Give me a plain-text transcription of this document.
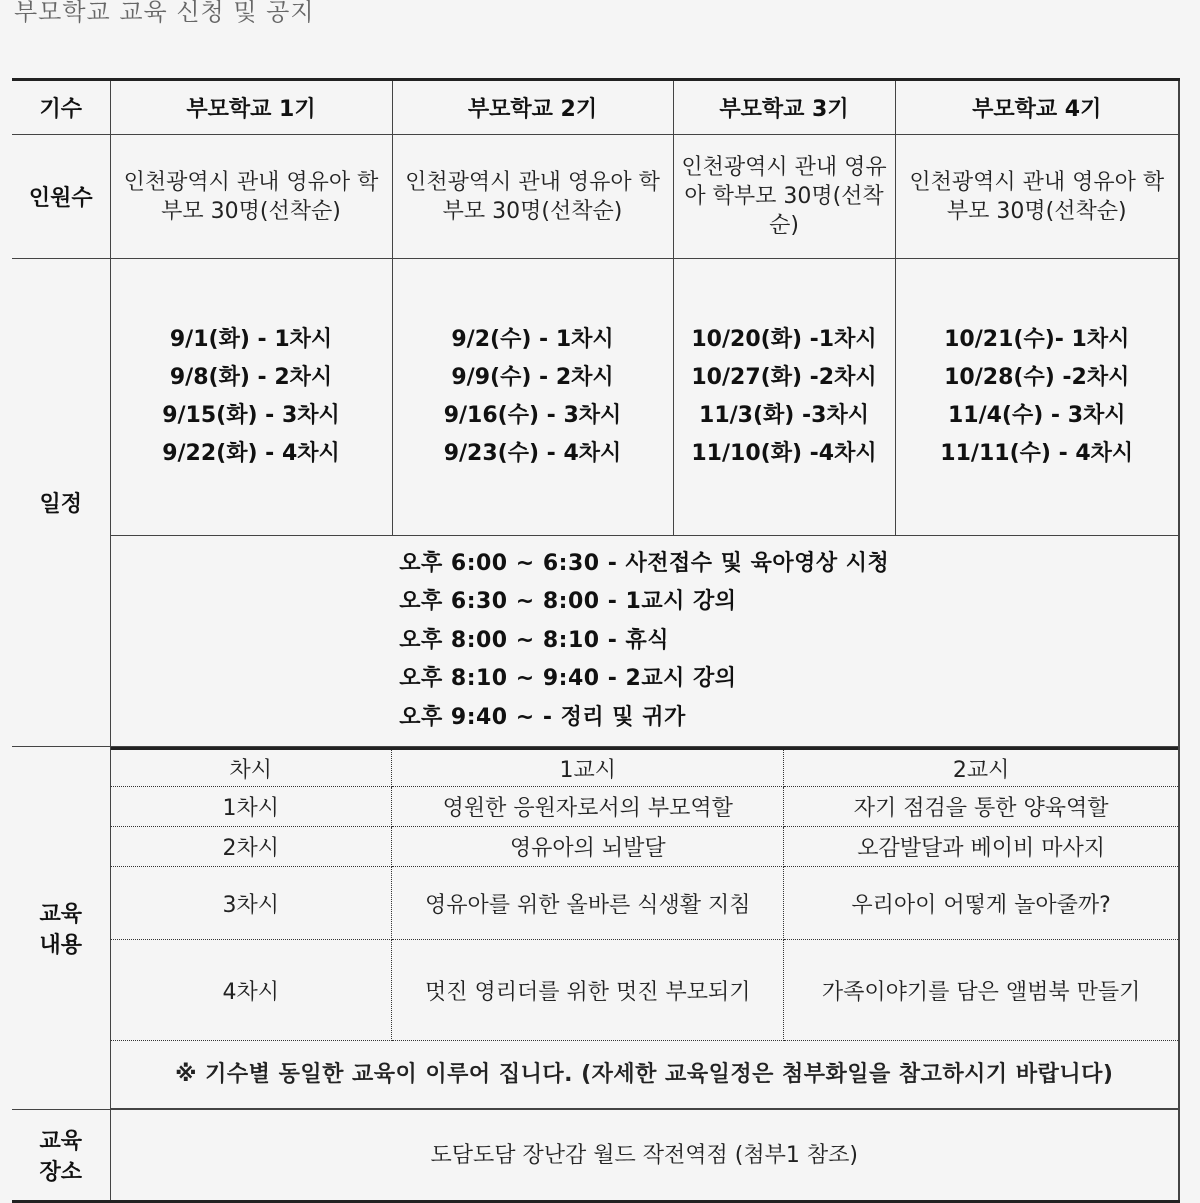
부모학교 교육 신청 및 공지
기수	부모학교 1기	부모학교 2기	부모학교 3기	부모학교 4기
인원수	인천광역시 관내 영유아 학부모 30명(선착순)	인천광역시 관내 영유아 학부모 30명(선착순)	인천광역시 관내 영유아 학부모 30명(선착순)	인천광역시 관내 영유아 학부모 30명(선착순)
일정	
9/1(화) - 1차시
9/8(화) - 2차시
9/15(화) - 3차시
9/22(화) - 4차시

9/2(수) - 1차시
9/9(수) - 2차시
9/16(수) - 3차시
9/23(수) - 4차시

10/20(화) -1차시
10/27(화) -2차시
11/3(화) -3차시
11/10(화) -4차시

10/21(수)- 1차시
10/28(수) -2차시
11/4(수) - 3차시
11/11(수) - 4차시

오후 6:00 ~ 6:30 - 사전접수 및 육아영상 시청
오후 6:30 ~ 8:00 - 1교시 강의
오후 8:00 ~ 8:10 - 휴식
오후 8:10 ~ 9:40 - 2교시 강의
오후 9:40 ~ - 정리 및 귀가

교육 내용	
차시	1교시	2교시
1차시	영원한 응원자로서의 부모역할	자기 점검을 통한 양육역할
2차시	영유아의 뇌발달	오감발달과 베이비 마사지
3차시	영유아를 위한 올바른 식생활 지침	우리아이 어떻게 놀아줄까?
4차시	멋진 영리더를 위한 멋진 부모되기	가족이야기를 담은 앨범북 만들기
※ 기수별 동일한 교육이 이루어 집니다. (자세한 교육일정은 첨부화일을 참고하시기 바랍니다)

교육 장소	도담도담 장난감 월드 작전역점 (첨부1 참조)
